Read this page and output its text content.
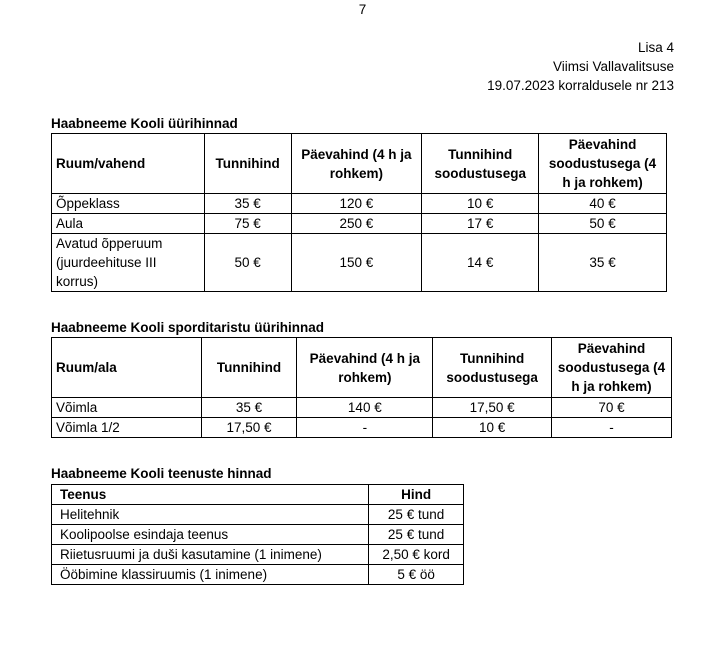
7
Lisa 4
Viimsi Vallavalitsuse
19.07.2023 korraldusele nr 213
Haabneeme Kooli üürihinnad
Ruum/vahend	Tunnihind	Päevahind (4 h ja rohkem)	Tunnihind soodustusega	Päevahind soodustusega (4 h ja rohkem)
Õppeklass	35 €	120 €	10 €	40 €
Aula	75 €	250 €	17 €	50 €
Avatud õpperuum (juurdeehituse III korrus)	50 €	150 €	14 €	35 €
Haabneeme Kooli sporditaristu üürihinnad
Ruum/ala	Tunnihind	Päevahind (4 h ja rohkem)	Tunnihind soodustusega	Päevahind soodustusega (4 h ja rohkem)
Võimla	35 €	140 €	17,50 €	70 €
Võimla 1/2	17,50 €	-	10 €	-
Haabneeme Kooli teenuste hinnad
Teenus	Hind
Helitehnik	25 € tund
Koolipoolse esindaja teenus	25 € tund
Riietusruumi ja duši kasutamine (1 inimene)	2,50 € kord
Ööbimine klassiruumis (1 inimene)	5 € öö
